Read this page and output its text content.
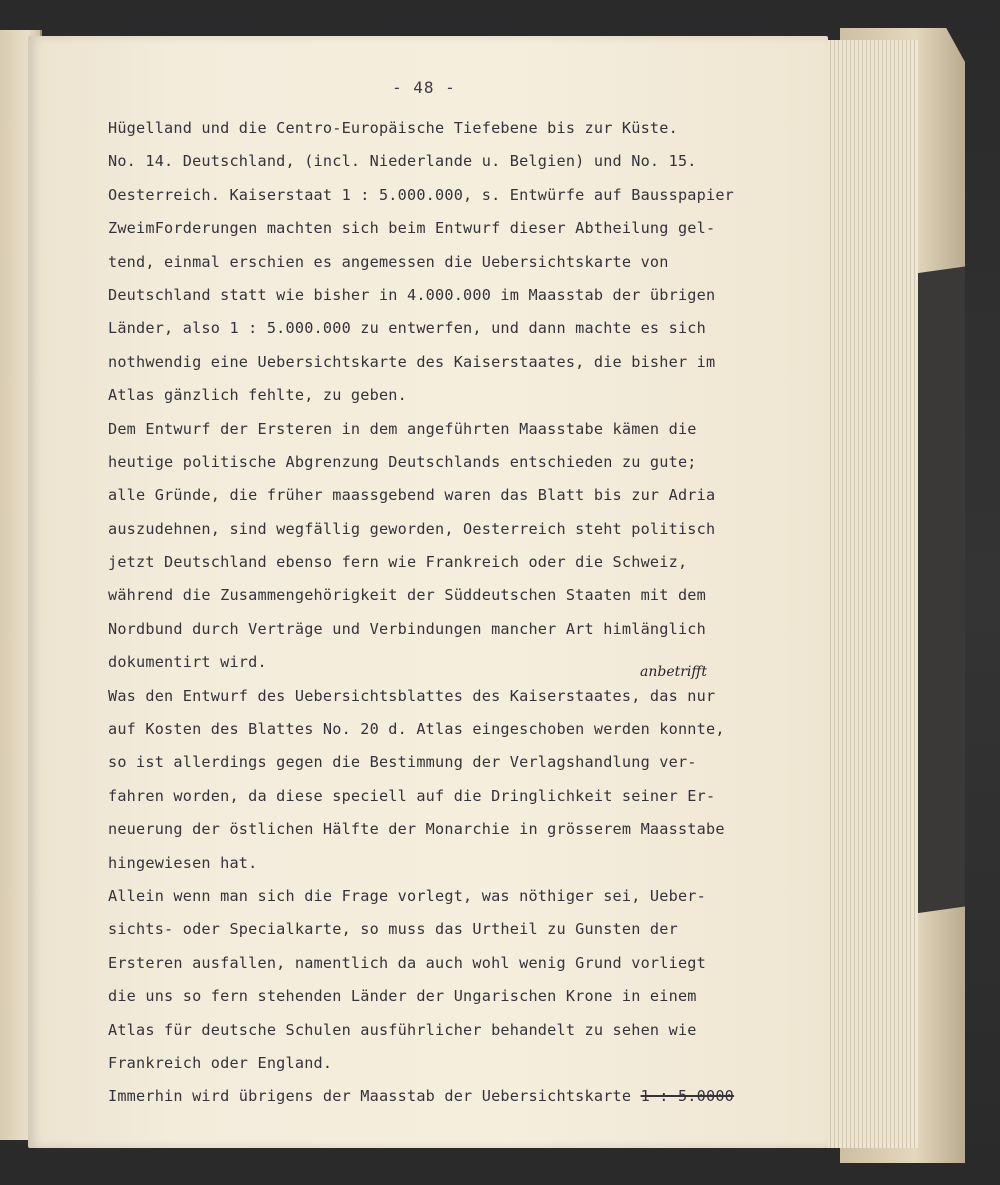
- 48 -
Hügelland und die Centro-Europäische Tiefebene bis zur Küste.
No. 14. Deutschland, (incl. Niederlande u. Belgien) und No. 15.
Oesterreich. Kaiserstaat 1 : 5.000.000, s. Entwürfe auf Bausspapier
ZweimForderungen machten sich beim Entwurf dieser Abtheilung gel-
tend, einmal erschien es angemessen die Uebersichtskarte von
Deutschland statt wie bisher in 4.000.000 im Maasstab der übrigen
Länder, also 1 : 5.000.000 zu entwerfen, und dann machte es sich
nothwendig eine Uebersichtskarte des Kaiserstaates, die bisher im
Atlas gänzlich fehlte, zu geben.
Dem Entwurf der Ersteren in dem angeführten Maasstabe kämen die
heutige politische Abgrenzung Deutschlands entschieden zu gute;
alle Gründe, die früher maassgebend waren das Blatt bis zur Adria
auszudehnen, sind wegfällig geworden, Oesterreich steht politisch
jetzt Deutschland ebenso fern wie Frankreich oder die Schweiz,
während die Zusammengehörigkeit der Süddeutschen Staaten mit dem
Nordbund durch Verträge und Verbindungen mancher Art himlänglich
dokumentirt wird.
Was den Entwurf des Uebersichtsblattes des Kaiserstaates, das nur
auf Kosten des Blattes No. 20 d. Atlas eingeschoben werden konnte,
so ist allerdings gegen die Bestimmung der Verlagshandlung ver-
fahren worden, da diese speciell auf die Dringlichkeit seiner Er-
neuerung der östlichen Hälfte der Monarchie in grösserem Maasstabe
hingewiesen hat.
Allein wenn man sich die Frage vorlegt, was nöthiger sei, Ueber-
sichts- oder Specialkarte, so muss das Urtheil zu Gunsten der
Ersteren ausfallen, namentlich da auch wohl wenig Grund vorliegt
die uns so fern stehenden Länder der Ungarischen Krone in einem
Atlas für deutsche Schulen ausführlicher behandelt zu sehen wie
Frankreich oder England.
Immerhin wird übrigens der Maasstab der Uebersichtskarte 1 : 5.0000
anbetrifft
